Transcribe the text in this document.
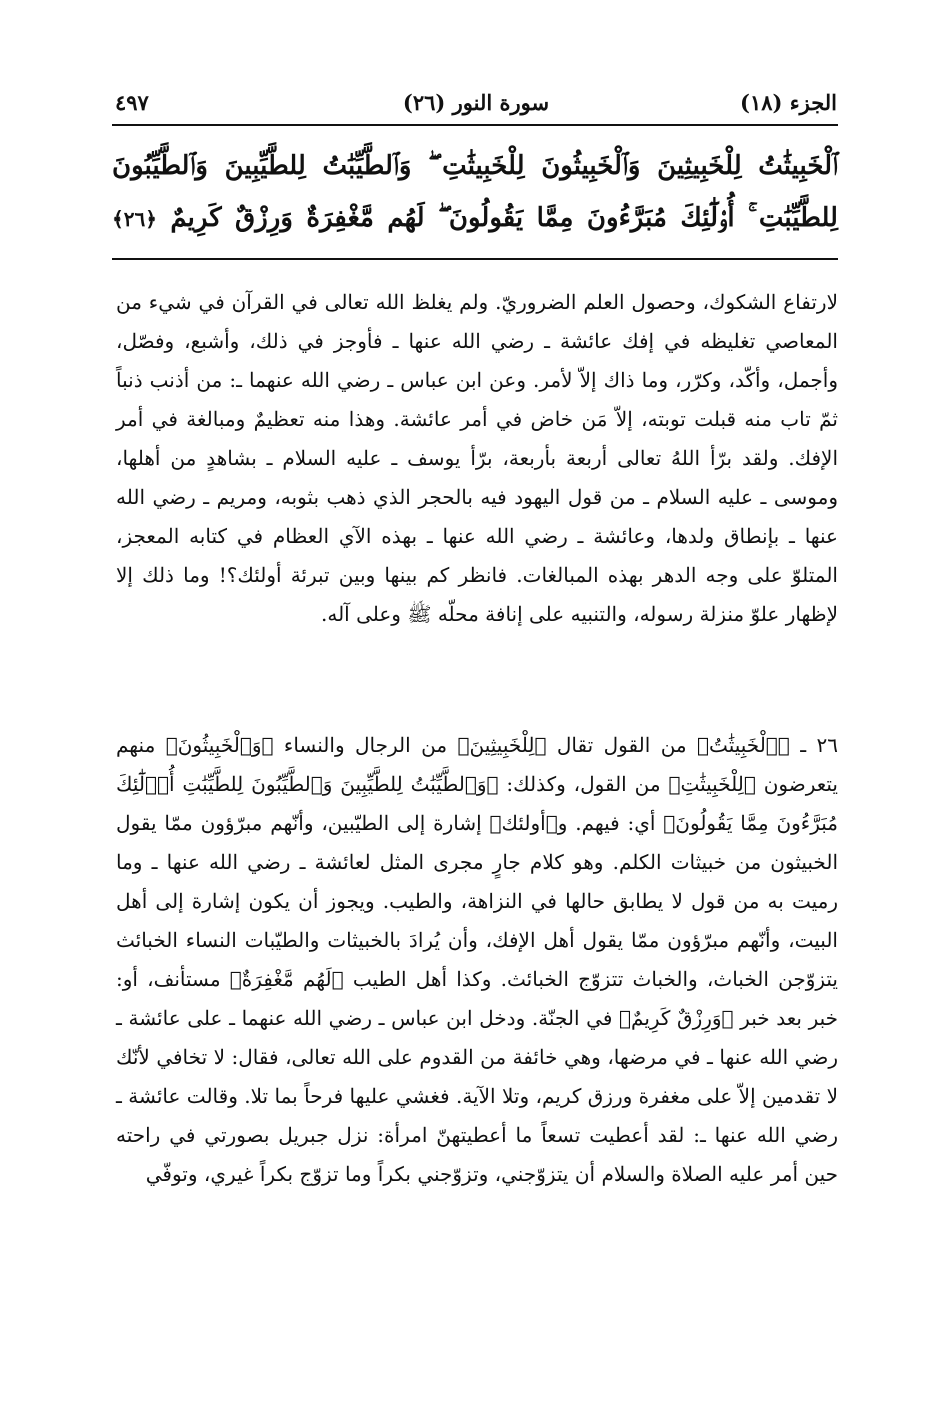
الجزء (١٨)
سورة النور (٢٦)
٤٩٧
ٱلْخَبِيثَٰتُ لِلْخَبِيثِينَ وَٱلْخَبِيثُونَ لِلْخَبِيثَٰتِ ۖ وَٱلطَّيِّبَٰتُ لِلطَّيِّبِينَ وَٱلطَّيِّبُونَ لِلطَّيِّبَٰتِ ۚ أُو۟لَٰٓئِكَ مُبَرَّءُونَ مِمَّا يَقُولُونَ ۖ لَهُم مَّغْفِرَةٌ وَرِزْقٌ كَرِيمٌ ﴿٢٦﴾

لارتفاع الشكوك، وحصول العلم الضروريّ. ولم يغلظ الله تعالى في القرآن في شيء من المعاصي تغليظه في إفك عائشة ـ رضي الله عنها ـ فأوجز في ذلك، وأشبع، وفصّل، وأجمل، وأكّد، وكرّر، وما ذاك إلاّ لأمر. وعن ابن عباس ـ رضي الله عنهما ـ: من أذنب ذنباً ثمّ تاب منه قبلت توبته، إلاّ مَن خاض في أمر عائشة. وهذا منه تعظيمٌ ومبالغة في أمر الإفك. ولقد برّأ اللهُ تعالى أربعة بأربعة، برّأ يوسف ـ عليه السلام ـ بشاهدٍ من أهلها، وموسى ـ عليه السلام ـ من قول اليهود فيه بالحجر الذي ذهب بثوبه، ومريم ـ رضي الله عنها ـ بإنطاق ولدها، وعائشة ـ رضي الله عنها ـ بهذه الآي العظام في كتابه المعجز، المتلوّ على وجه الدهر بهذه المبالغات. فانظر كم بينها وبين تبرئة أولئك؟! وما ذلك إلا لإظهار علوّ منزلة رسوله، والتنبيه على إنافة محلّه ﷺ وعلى آله.

٢٦ ـ ﴿ٱلْخَبِيثَٰتُ﴾ من القول تقال ﴿لِلْخَبِيثِينَ﴾ من الرجال والنساء ﴿وَٱلْخَبِيثُونَ﴾ منهم يتعرضون ﴿لِلْخَبِيثَٰتِ﴾ من القول، وكذلك: ﴿وَٱلطَّيِّبَٰتُ لِلطَّيِّبِينَ وَٱلطَّيِّبُونَ لِلطَّيِّبَٰتِ أُو۟لَٰٓئِكَ مُبَرَّءُونَ مِمَّا يَقُولُونَ﴾ أي: فيهم. و﴿أولئك﴾ إشارة إلى الطيّبين، وأنّهم مبرّؤون ممّا يقول الخبيثون من خبيثات الكلم. وهو كلام جارٍ مجرى المثل لعائشة ـ رضي الله عنها ـ وما رميت به من قول لا يطابق حالها في النزاهة، والطيب. ويجوز أن يكون إشارة إلى أهل البيت، وأنّهم مبرّؤون ممّا يقول أهل الإفك، وأن يُرادَ بالخبيثات والطيّبات النساء الخبائث يتزوّجن الخباث، والخباث تتزوّج الخبائث. وكذا أهل الطيب ﴿لَهُم مَّغْفِرَةٌ﴾ مستأنف، أو: خبر بعد خبر ﴿وَرِزْقٌ كَرِيمٌ﴾ في الجنّة. ودخل ابن عباس ـ رضي الله عنهما ـ على عائشة ـ رضي الله عنها ـ في مرضها، وهي خائفة من القدوم على الله تعالى، فقال: لا تخافي لأنّك لا تقدمين إلاّ على مغفرة ورزق كريم، وتلا الآية. فغشي عليها فرحاً بما تلا. وقالت عائشة ـ رضي الله عنها ـ: لقد أعطيت تسعاً ما أعطيتهنّ امرأة: نزل جبريل بصورتي في راحته حين أمر عليه الصلاة والسلام أن يتزوّجني، وتزوّجني بكراً وما تزوّج بكراً غيري، وتوفّي
